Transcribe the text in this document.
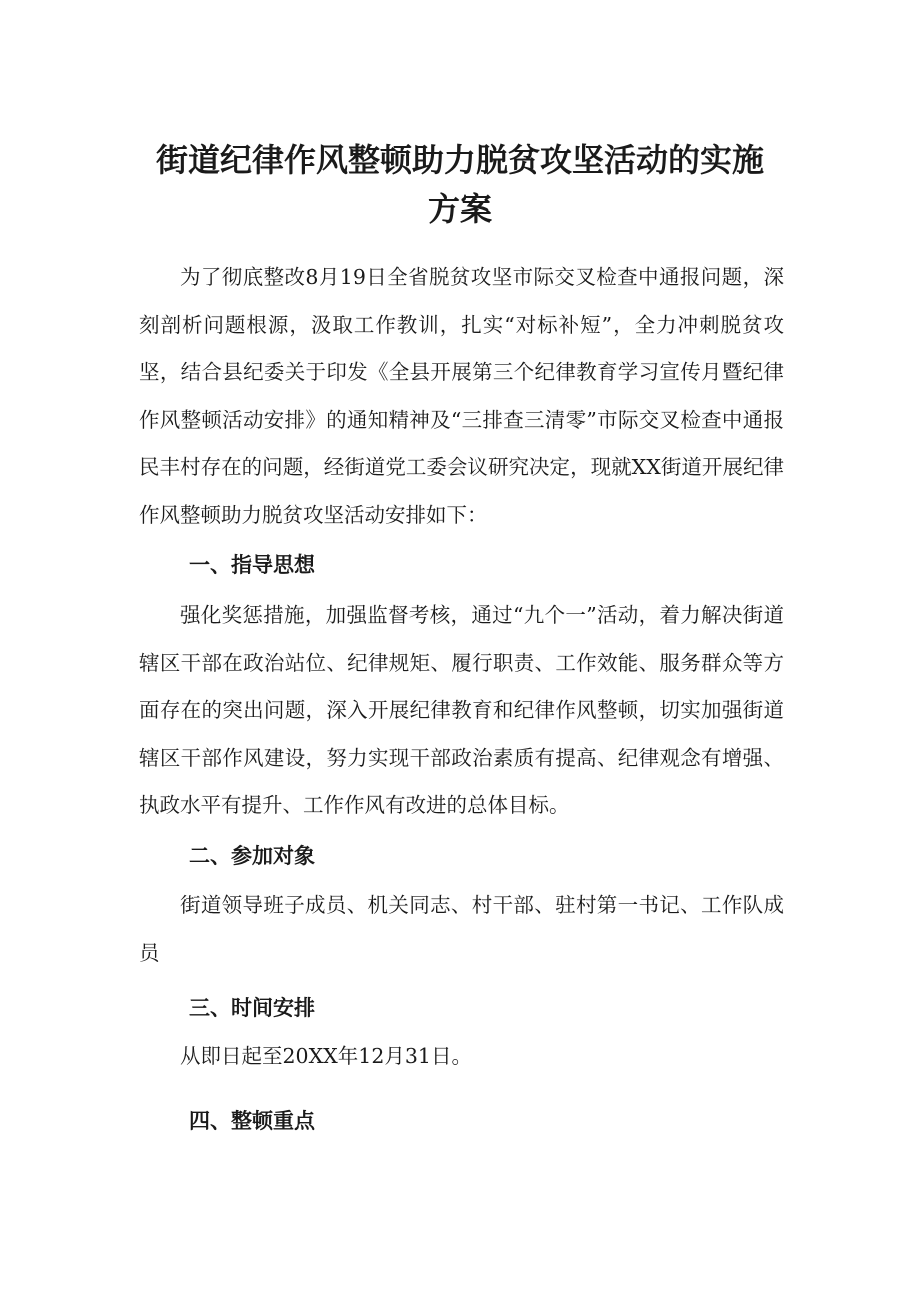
街道纪律作风整顿助力脱贫攻坚活动的实施
方案

为了彻底整改8月19日全省脱贫攻坚市际交叉检查中通报问题，深刻剖析问题根源，汲取工作教训，扎实“对标补短”，全力冲刺脱贫攻坚，结合县纪委关于印发《全县开展第三个纪律教育学习宣传月暨纪律作风整顿活动安排》的通知精神及“三排查三清零”市际交叉检查中通报民丰村存在的问题，经街道党工委会议研究决定，现就XX街道开展纪律作风整顿助力脱贫攻坚活动安排如下：

一、指导思想

强化奖惩措施，加强监督考核，通过“九个一”活动，着力解决街道辖区干部在政治站位、纪律规矩、履行职责、工作效能、服务群众等方面存在的突出问题，深入开展纪律教育和纪律作风整顿，切实加强街道辖区干部作风建设，努力实现干部政治素质有提高、纪律观念有增强、执政水平有提升、工作作风有改进的总体目标。

二、参加对象

街道领导班子成员、机关同志、村干部、驻村第一书记、工作队成员

三、时间安排

从即日起至20XX年12月31日。

四、整顿重点
